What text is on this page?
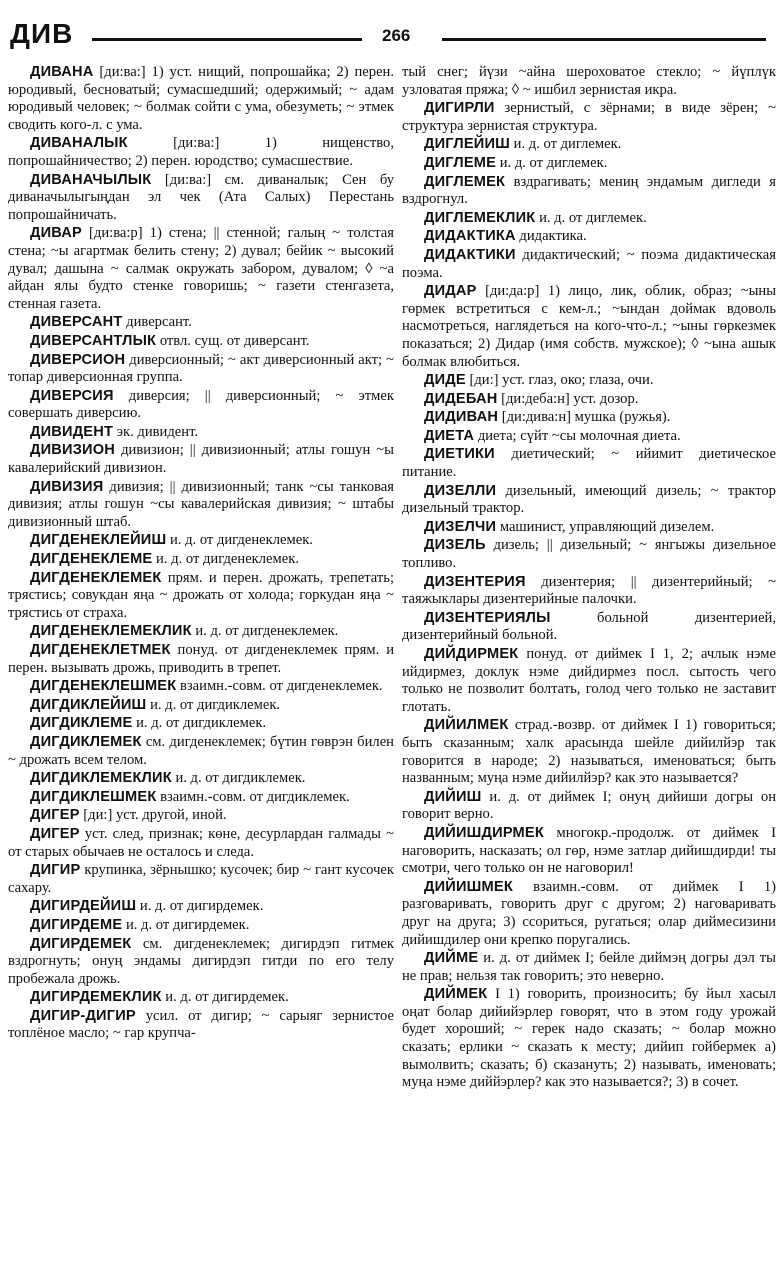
ДИВ	266

ДИВАНА [ди:ва:] 1) уст. нищий, попрошайка; 2) перен. юродивый, бесноватый; сумасшедший; одержимый; ~ адам юродивый человек; ~ болмак сойти с ума, обезуметь; ~ этмек сводить кого-л. с ума.

ДИВАНАЛЫК	[ди:ва:] 1) нищенство, попрошайничество; 2) перен. юродство; сумасшествие.

ДИВАНАЧЫЛЫК [ди:ва:] см. диваналык; Сен бу диваначылыгыңдан эл чек (Ата Салых) Перестань попрошайничать.

ДИВАР [ди:ва:р] 1) стена; || стенной; галың ~ толстая стена; ~ы агартмак белить стену; 2) дувал; бейик ~ высокий дувал; дашына ~ салмак окружать забором, дувалом; ◊ ~а айдан ялы будто стенке говоришь; ~ газети стенгазета, стенная газета.

ДИВЕРСАНТ диверсант.

ДИВЕРСАНТЛЫК отвл. сущ. от диверсант.

ДИВЕРСИОН диверсионный; ~ акт диверсионный акт; ~ топар диверсионная группа.

ДИВЕРСИЯ диверсия; || диверсионный; ~ этмек совершать диверсию.

ДИВИДЕНТ эк. дивидент.

ДИВИЗИОН дивизион; || дивизионный; атлы гошун ~ы кавалерийский дивизион.

ДИВИЗИЯ дивизия; || дивизионный; танк ~сы танковая дивизия; атлы гошун ~сы кавалерийская дивизия; ~ штабы дивизионный штаб.

ДИГДЕНЕКЛЕЙИШ и. д. от дигденеклемек.

ДИГДЕНЕКЛЕМЕ и. д. от дигденеклемек.

ДИГДЕНЕКЛЕМЕК прям. и перен. дрожать, трепетать; трястись; совукдан яңа ~ дрожать от холода; горкудан яңа ~ трястись от страха.

ДИГДЕНЕКЛЕМЕКЛИК и. д. от дигденеклемек.

ДИГДЕНЕКЛЕТМЕК понуд. от дигденеклемек прям. и перен. вызывать дрожь, приводить в трепет.

ДИГДЕНЕКЛЕШМЕК взаимн.-совм. от дигденеклемек.

ДИГДИКЛЕЙИШ и. д. от дигдиклемек.

ДИГДИКЛЕМЕ и. д. от дигдиклемек.

ДИГДИКЛЕМЕК см. дигденеклемек; бүтин гөврэн билен ~ дрожать всем телом.

ДИГДИКЛЕМЕКЛИК и. д. от дигдиклемек.

ДИГДИКЛЕШМЕК взаимн.-совм. от дигдиклемек.

ДИГЕР [ди:] уст. другой, иной.

ДИГЕР уст. след, признак; көне, десурлардан галмады ~ от старых обычаев не осталось и следа.

ДИГИР крупинка, зёрнышко; кусочек; бир ~ гант кусочек сахару.

ДИГИРДЕЙИШ и. д. от дигирдемек.

ДИГИРДЕМЕ и. д. от дигирдемек.

ДИГИРДЕМЕК см. дигденеклемек; дигирдэп гитмек вздрогнуть; онуң эндамы дигирдэп гитди по его телу пробежала дрожь.

ДИГИРДЕМЕКЛИК и. д. от дигирдемек.

ДИГИР-ДИГИР усил. от дигир; ~ сарыяг зернистое топлёное масло; ~ гар крупча-

тый снег; йүзи ~айна шероховатое стекло; ~ йүплүк узловатая пряжа; ◊ ~ ишбил зернистая икра.

ДИГИРЛИ зернистый, с зёрнами; в виде зёрен; ~ структура зернистая структура.

ДИГЛЕЙИШ и. д. от диглемек.

ДИГЛЕМЕ и. д. от диглемек.

ДИГЛЕМЕК вздрагивать; мениң эндамым дигледи я вздрогнул.

ДИГЛЕМЕКЛИК и. д. от диглемек.

ДИДАКТИКА дидактика.

ДИДАКТИКИ дидактический; ~ поэма дидактическая поэма.

ДИДАР [ди:да:р] 1) лицо, лик, облик, образ; ~ыны гөрмек встретиться с кем-л.; ~ындан доймак вдоволь насмотреться, наглядеться на кого-что-л.; ~ыны гөркезмек показаться; 2) Дидар (имя собств. мужское); ◊ ~ына ашык болмак влюбиться.

ДИДЕ [ди:] уст. глаз, око; глаза, очи.

ДИДЕБАН [ди:деба:н] уст. дозор.

ДИДИВАН [ди:дива:н] мушка (ружья).

ДИЕТА диета; сүйт ~сы молочная диета.

ДИЕТИКИ диетический; ~ ийимит диетическое питание.

ДИЗЕЛЛИ дизельный, имеющий дизель; ~ трактор дизельный трактор.

ДИЗЕЛЧИ машинист, управляющий дизелем.

ДИЗЕЛЬ дизель; || дизельный; ~ янгыжы дизельное топливо.

ДИЗЕНТЕРИЯ дизентерия; || дизентерийный; ~ таяжыклары дизентерийные палочки.

ДИЗЕНТЕРИЯЛЫ	больной дизентерией, дизентерийный больной.

ДИЙДИРМЕК понуд. от диймек I 1, 2; ачлык нэме ийдирмез, доклук нэме дийдирмез посл. сытость чего только не позволит болтать, голод чего только не заставит глотать.

ДИЙИЛМЕК страд.-возвр. от диймек I 1) говориться; быть сказанным; халк арасында шейле дийилйэр так говорится в народе; 2) называться, именоваться; быть названным; муңа нэме дийилйэр? как это называется?

ДИЙИШ и. д. от диймек I; онуң дийиши догры он говорит верно.

ДИЙИШДИРМЕК многокр.-продолж. от диймек I наговорить, насказать; ол гөр, нэме затлар дийишдирди! ты смотри, чего только он не наговорил!

ДИЙИШМЕК взаимн.-совм. от диймек I 1) разговаривать, говорить друг с другом; 2) наговаривать друг на друга; 3) ссориться, ругаться; олар диймесизини дийишдилер они крепко поругались.

ДИЙМЕ и. д. от диймек I; бейле диймэң догры дэл ты не прав; нельзя так говорить; это неверно.

ДИЙМЕК I 1) говорить, произносить; бу йыл хасыл оңат болар дийийэрлер говорят, что в этом году урожай будет хороший; ~ герек надо сказать; ~ болар можно сказать; ерлики ~ сказать к месту; дийип гойбермек а) вымолвить; сказать; б) сказануть; 2) называть, именовать; муңа нэме диййэрлер? как это называется?; 3) в сочет.
